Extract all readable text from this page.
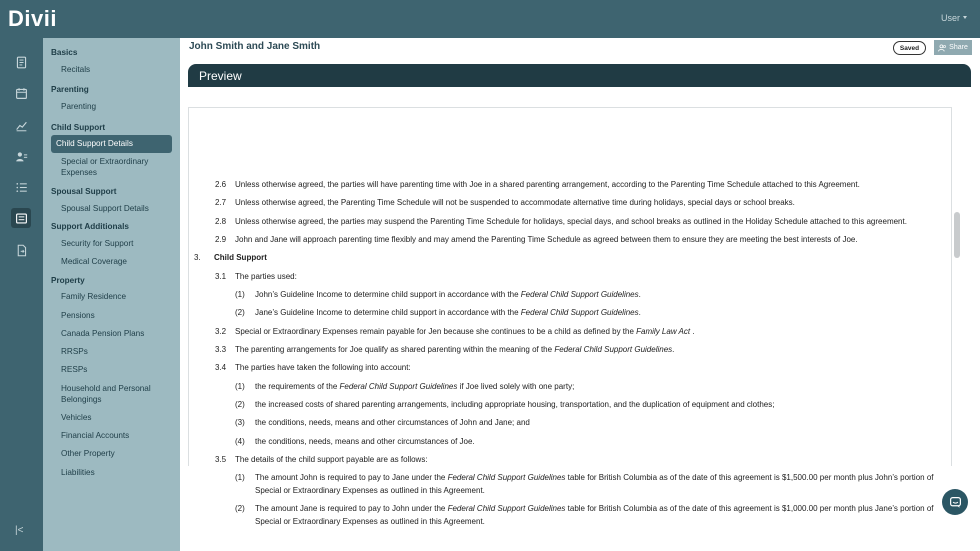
Divii	User
|<
Basics
Recitals
Parenting
Parenting
Child Support
Child Support Details
Special or Extraordinary Expenses
Spousal Support
Spousal Support Details
Support Additionals
Security for Support
Medical Coverage
Property
Family Residence
Pensions
Canada Pension Plans
RRSPs
RESPs
Household and Personal Belongings
Vehicles
Financial Accounts
Other Property
Liabilities
John Smith and Jane Smith	Saved	Share
Preview
2.6 Unless otherwise agreed, the parties will have parenting time with Joe in a shared parenting arrangement, according to the Parenting Time Schedule attached to this Agreement.
2.7 Unless otherwise agreed, the Parenting Time Schedule will not be suspended to accommodate alternative time during holidays, special days or school breaks.
2.8 Unless otherwise agreed, the parties may suspend the Parenting Time Schedule for holidays, special days, and school breaks as outlined in the Holiday Schedule attached to this agreement.
2.9 John and Jane will approach parenting time flexibly and may amend the Parenting Time Schedule as agreed between them to ensure they are meeting the best interests of Joe.
3. Child Support
3.1 The parties used:
(1) John’s Guideline Income to determine child support in accordance with the Federal Child Support Guidelines.
(2) Jane’s Guideline Income to determine child support in accordance with the Federal Child Support Guidelines.
3.2 Special or Extraordinary Expenses remain payable for Jen because she continues to be a child as defined by the Family Law Act .
3.3 The parenting arrangements for Joe qualify as shared parenting within the meaning of the Federal Child Support Guidelines.
3.4 The parties have taken the following into account:
(1) the requirements of the Federal Child Support Guidelines if Joe lived solely with one party;
(2) the increased costs of shared parenting arrangements, including appropriate housing, transportation, and the duplication of equipment and clothes;
(3) the conditions, needs, means and other circumstances of John and Jane; and
(4) the conditions, needs, means and other circumstances of Joe.
3.5 The details of the child support payable are as follows:
(1) The amount John is required to pay to Jane under the Federal Child Support Guidelines table for British Columbia as of the date of this agreement is $1,500.00 per month plus John’s portion of
Special or Extraordinary Expenses as outlined in this Agreement.
(2) The amount Jane is required to pay to John under the Federal Child Support Guidelines table for British Columbia as of the date of this agreement is $1,000.00 per month plus Jane’s portion of
Special or Extraordinary Expenses as outlined in this Agreement.
